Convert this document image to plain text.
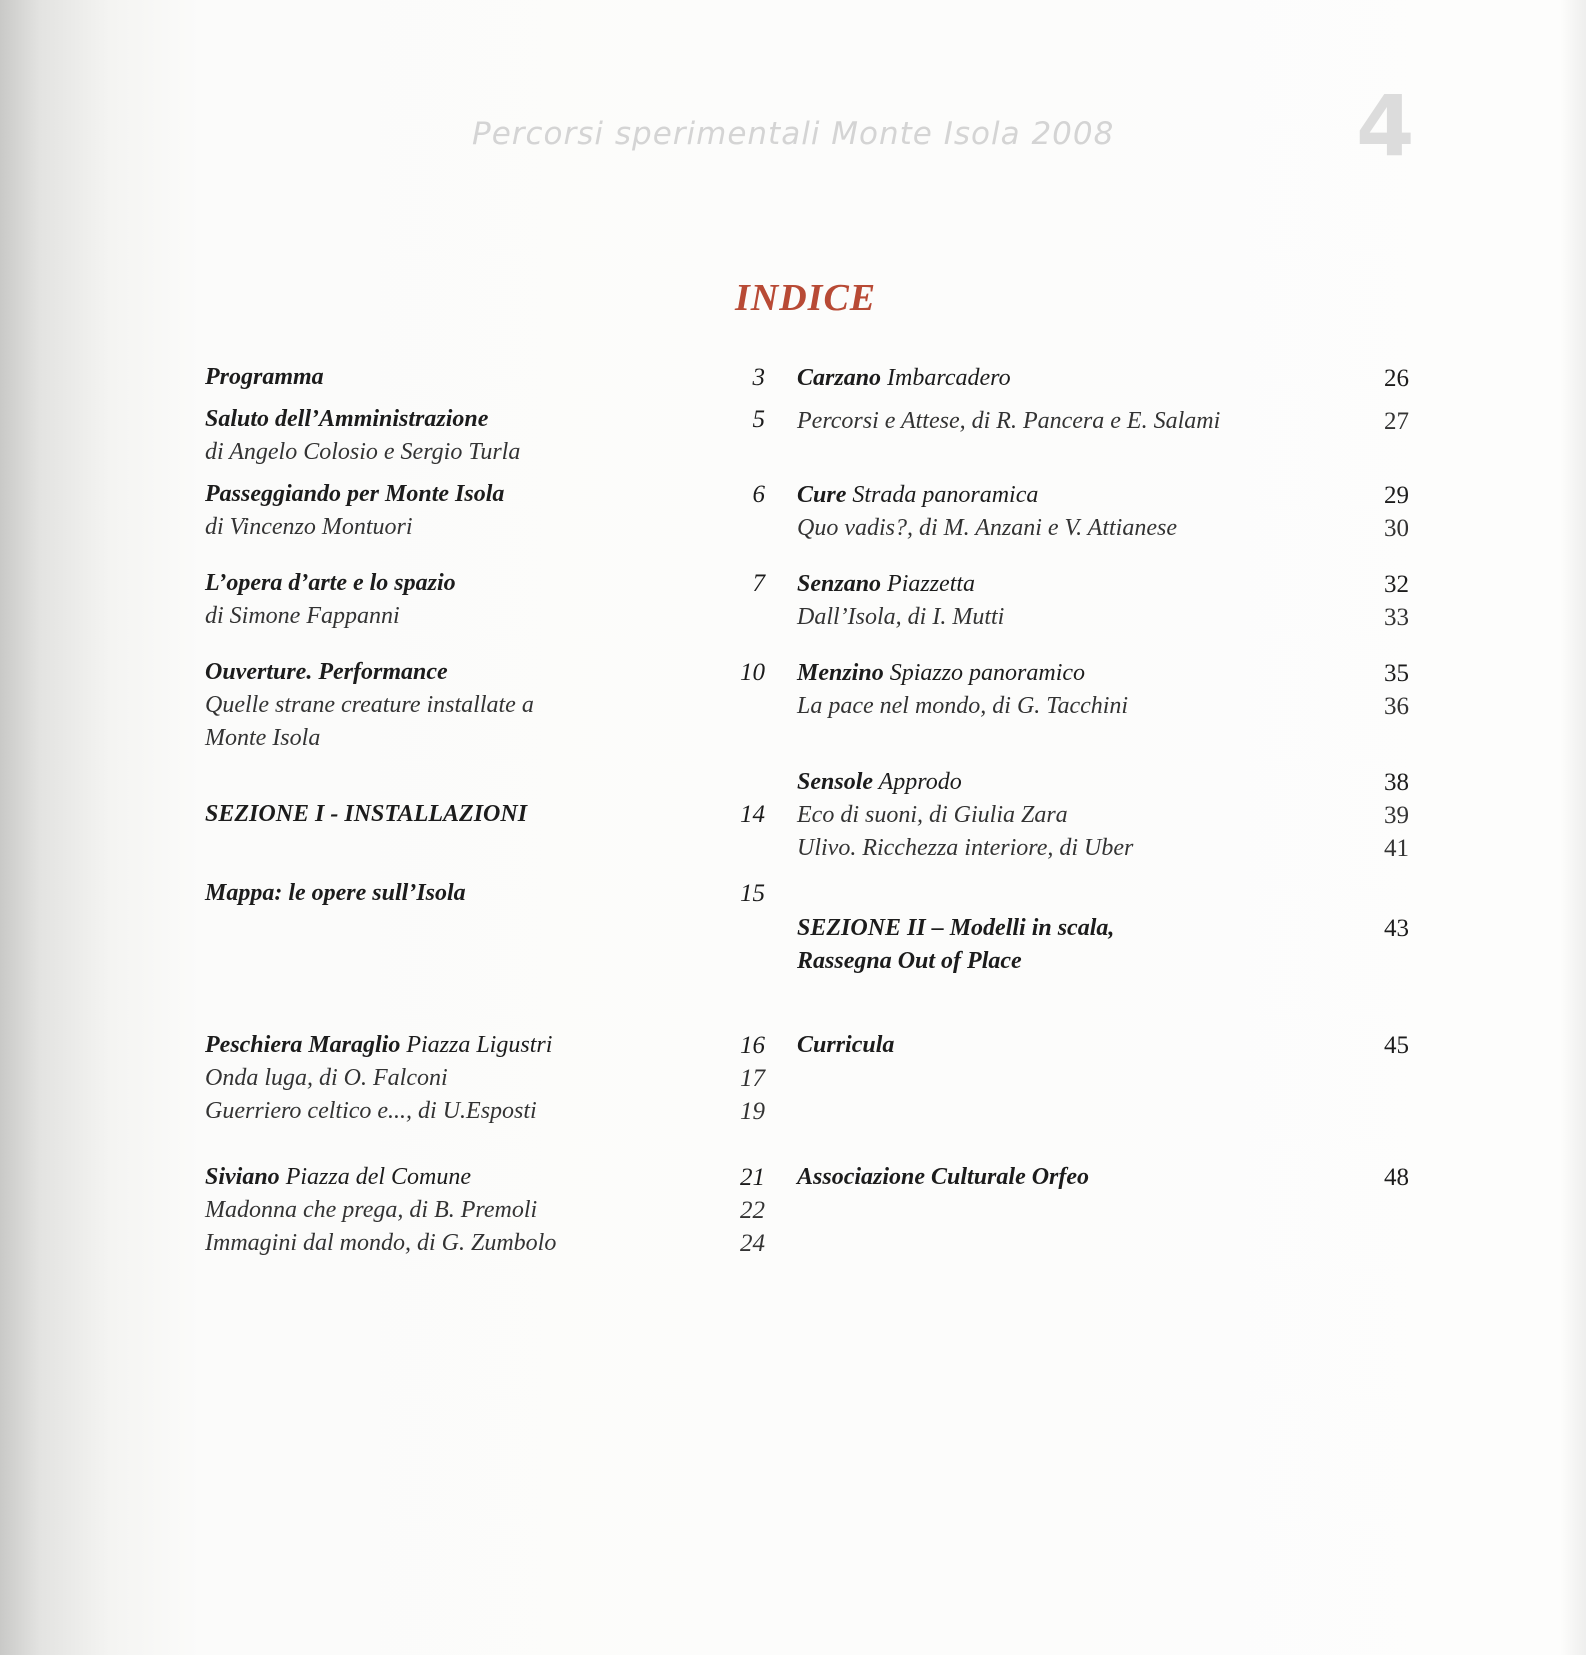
Percorsi sperimentali Monte Isola 2008	4
INDICE
Programma	3
Saluto dell’Amministrazione	5
di Angelo Colosio e Sergio Turla
Passeggiando per Monte Isola	6
di Vincenzo Montuori
L’opera d’arte e lo spazio	7
di Simone Fappanni
Ouverture. Performance	10
Quelle strane creature installate a
Monte Isola
SEZIONE I - INSTALLAZIONI	14
Mappa: le opere sull’Isola	15
Peschiera Maraglio Piazza Ligustri	16
Onda luga, di O. Falconi	17
Guerriero celtico e..., di U.Esposti	19
Siviano Piazza del Comune	21
Madonna che prega, di B. Premoli	22
Immagini dal mondo, di G. Zumbolo	24
Carzano Imbarcadero	26
Percorsi e Attese, di R. Pancera e E. Salami	27
Cure Strada panoramica	29
Quo vadis?, di M. Anzani e V. Attianese	30
Senzano Piazzetta	32
Dall’Isola, di I. Mutti	33
Menzino Spiazzo panoramico	35
La pace nel mondo, di G. Tacchini	36
Sensole Approdo	38
Eco di suoni, di Giulia Zara	39
Ulivo. Ricchezza interiore, di Uber	41
SEZIONE II – Modelli in scala,	43
Rassegna Out of Place
Curricula	45
Associazione Culturale Orfeo	48
